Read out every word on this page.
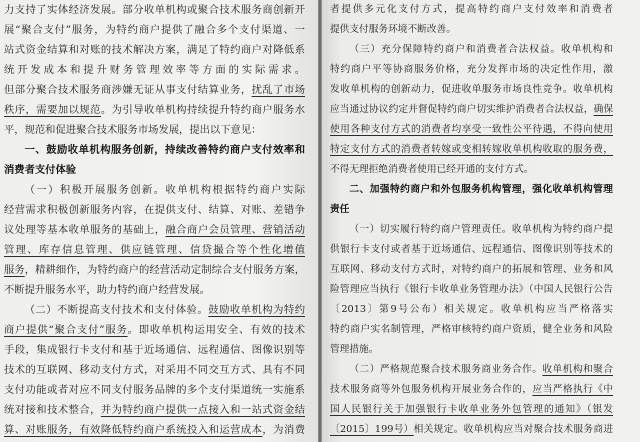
力支持了实体经济发展。部分收单机构或聚合技术服务商创新开
展“聚合支付”服务，为特约商户提供了融合多个支付渠道、一
站式资金结算和对账的技术解决方案，满足了特约商户对降低系
统开发成本和提升财务管理效率等方面的实际需求。
但部分聚合技术服务商涉嫌无证从事支付结算业务，扰乱了市场
秩序，需要加以规范。为引导收单机构持续提升特约商户服务水
平，规范和促进聚合技术服务市场发展，提出以下意见：
一、鼓励收单机构服务创新，持续改善特约商户支付效率和
消费者支付体验
（一）积极开展服务创新。收单机构根据特约商户实际
经营需求积极创新服务内容，在提供支付、结算、对账、差错争
议处理等基本收单服务的基础上，融合商户会员管理、营销活动
管理、库存信息管理、供应链管理、信贷撮合等个性化增值
服务，精耕细作，为特约商户的经营活动定制综合支付服务方案，
不断提升服务水平，助力特约商户经营发展。
（二）不断提高支付技术和支付体验。鼓励收单机构为特约
商户提供“聚合支付”服务。即收单机构运用安全、有效的技术
手段，集成银行卡支付和基于近场通信、远程通信、图像识别等
技术的互联网、移动支付方式，对采用不同交互方式、具有不同
支付功能或者对应不同支付服务品牌的多个支付渠道统一实施系
统对接和技术整合，并为特约商户提供一点接入和一站式资金结
算、对账服务，有效降低特约商户系统投入和运营成本，为消费
者提供多元化支付方式，提高特约商户支付效率和消费者
提供支付服务环境不断改善。
（三）充分保障特约商户和消费者合法权益。收单机构和
特约商户平等协商服务价格，充分发挥市场的决定性作用，激
发收单机构的创新动力，促进收单服务市场良性竞争。收单机构
应当通过协议约定并督促特约商户切实维护消费者合法权益，确保
使用各种支付方式的消费者均享受一致性公平待遇，不得向使用
特定支付方式的消费者转嫁或变相转嫁收单机构收取的服务费，
不得无理拒绝消费者使用已经开通的支付方式。
二、加强特约商户和外包服务机构管理，强化收单机构管理
责任
（一）切实履行特约商户管理责任。收单机构为特约商户提
供银行卡支付或者基于近场通信、远程通信、图像识别等技术的
互联网、移动支付方式时，对特约商户的拓展和管理、业务和风
险管理应当执行《银行卡收单业务管理办法》（中国人民银行公告
〔2013〕第9号公布）相关规定。收单机构应当严格落实
特约商户实名制管理，严格审核特约商户资质，健全业务和风险
管理措施。
（二）严格规范聚合技术服务商业务合作。收单机构和聚合
技术服务商等外包服务机构开展业务合作的，应当严格执行《中
国人民银行关于加强银行卡收单业务外包管理的通知》（银发
〔2015〕199号）相关规定。收单机构应当对聚合技术服务商进
